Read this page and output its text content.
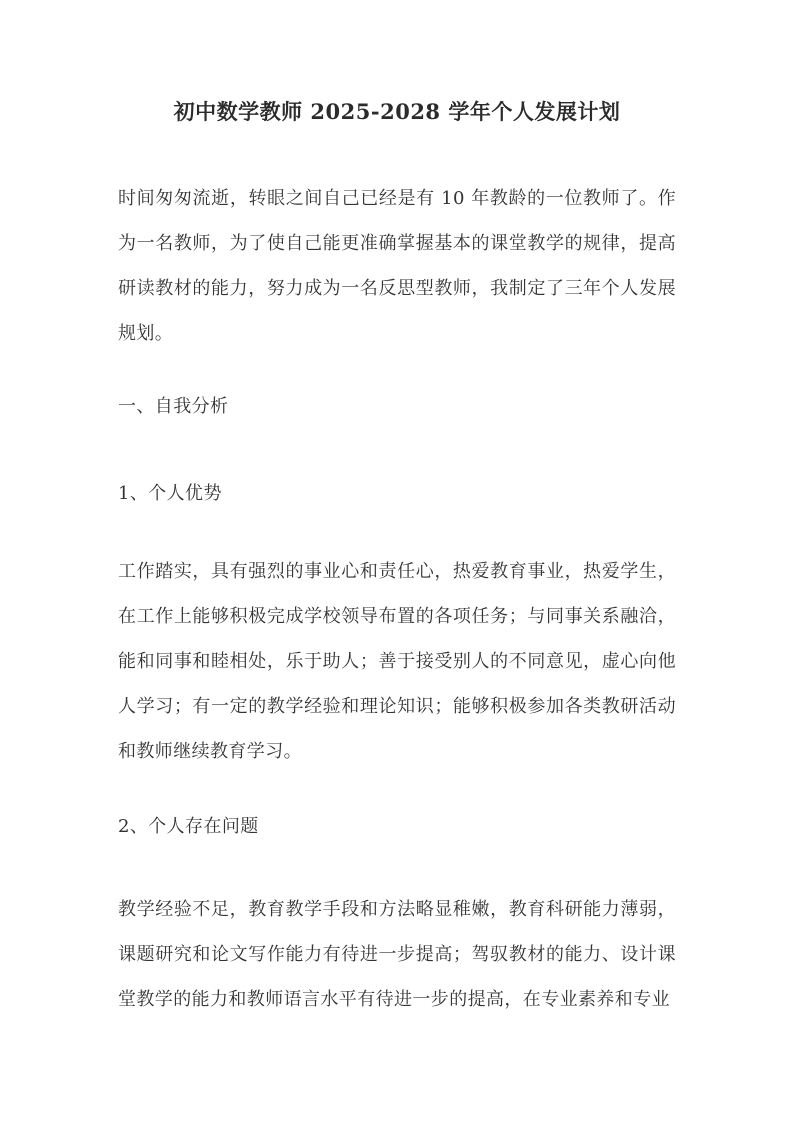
初中数学教师 2025-2028 学年个人发展计划

时间匆匆流逝，转眼之间自己已经是有 10 年教龄的一位教师了。作为一名教师，为了使自己能更准确掌握基本的课堂教学的规律，提高研读教材的能力，努力成为一名反思型教师，我制定了三年个人发展规划。

一、自我分析

1、个人优势

工作踏实，具有强烈的事业心和责任心，热爱教育事业，热爱学生，在工作上能够积极完成学校领导布置的各项任务；与同事关系融洽，能和同事和睦相处，乐于助人；善于接受别人的不同意见，虚心向他人学习；有一定的教学经验和理论知识；能够积极参加各类教研活动和教师继续教育学习。

2、个人存在问题

教学经验不足，教育教学手段和方法略显稚嫩，教育科研能力薄弱，课题研究和论文写作能力有待进一步提高；驾驭教材的能力、设计课堂教学的能力和教师语言水平有待进一步的提高，在专业素养和专业
